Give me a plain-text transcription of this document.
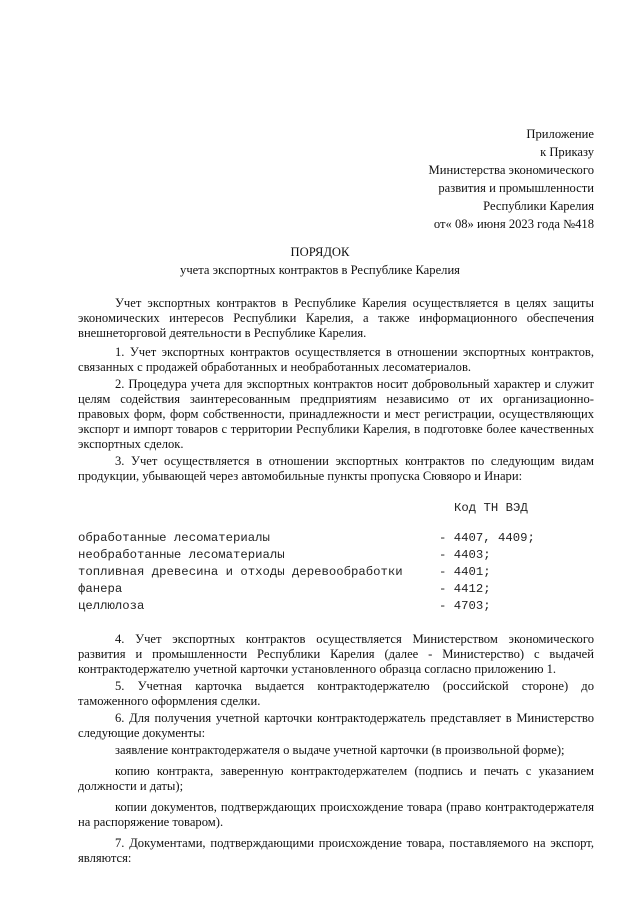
Приложение
к Приказу
Министерства экономического
развития и промышленности
Республики Карелия
от« 08» июня 2023 года №418
ПОРЯДОК
учета экспортных контрактов в Республике Карелия

Учет экспортных контрактов в Республике Карелия осуществляется в целях защиты экономических интересов Республики Карелия, а также информационного обеспечения внешнеторговой деятельности в Республике Карелия.

1. Учет экспортных контрактов осуществляется в отношении экспортных контрактов, связанных с продажей обработанных и необработанных лесоматериалов.

2. Процедура учета для экспортных контрактов носит добровольный характер и служит целям содействия заинтересованным предприятиям независимо от их организационно-правовых форм, форм собственности, принадлежности и мест регистрации, осуществляющих экспорт и импорт товаров с территории Республики Карелия, в подготовке более качественных экспортных сделок.

3. Учет осуществляется в отношении экспортных контрактов по следующим видам продукции, убывающей через автомобильные пункты пропуска Сювяоро и Инари:

Код ТН ВЭД
обработанные лесоматериалы	- 4407, 4409;
необработанные лесоматериалы	- 4403;
топливная древесина и отходы деревообработки	- 4401;
фанера	- 4412;
целлюлоза	- 4703;

4. Учет экспортных контрактов осуществляется Министерством экономического развития и промышленности Республики Карелия (далее - Министерство) с выдачей контрактодержателю учетной карточки установленного образца согласно приложению 1.

5. Учетная карточка выдается контрактодержателю (российской стороне) до таможенного оформления сделки.

6. Для получения учетной карточки контрактодержатель представляет в Министерство следующие документы:

заявление контрактодержателя о выдаче учетной карточки (в произвольной форме);

копию контракта, заверенную контрактодержателем (подпись и печать с указанием должности и даты);

копии документов, подтверждающих происхождение товара (право контрактодержателя на распоряжение товаром).

7. Документами, подтверждающими происхождение товара, поставляемого на экспорт, являются:
